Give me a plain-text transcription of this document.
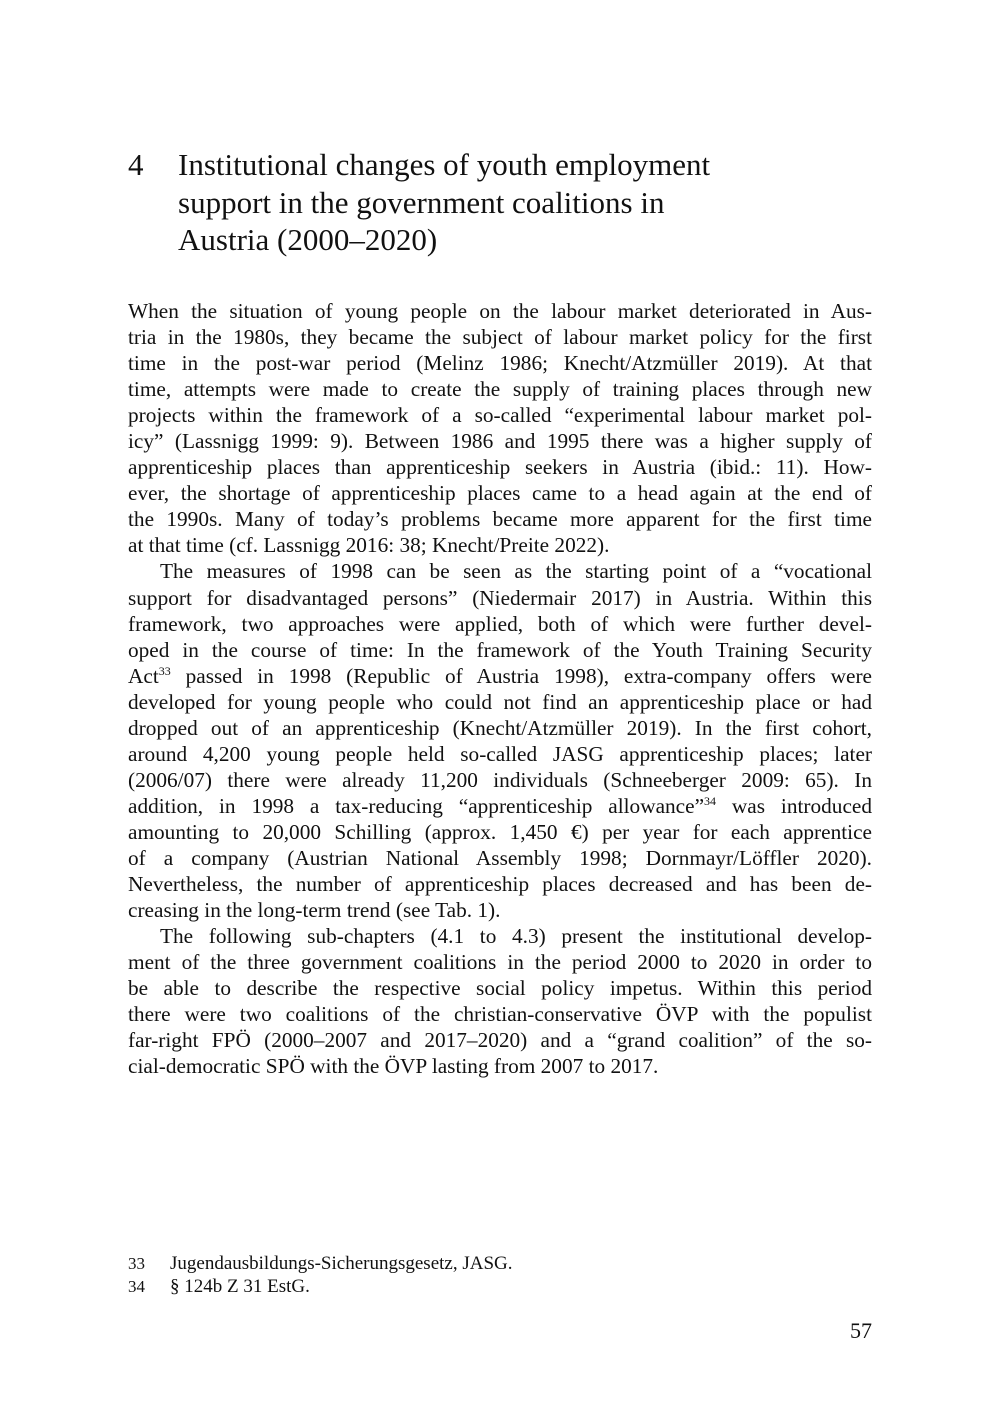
4	Institutional changes of youth employment
support in the government coalitions in
Austria (2000–2020)
When the situation of young people on the labour market deteriorated in Aus-
tria in the 1980s, they became the subject of labour market policy for the first
time in the post-war period (Melinz 1986; Knecht/Atzmüller 2019). At that
time, attempts were made to create the supply of training places through new
projects within the framework of a so-called “experimental labour market pol-
icy” (Lassnigg 1999: 9). Between 1986 and 1995 there was a higher supply of
apprenticeship places than apprenticeship seekers in Austria (ibid.: 11). How-
ever, the shortage of apprenticeship places came to a head again at the end of
the 1990s. Many of today’s problems became more apparent for the first time
at that time (cf. Lassnigg 2016: 38; Knecht/Preite 2022).
The measures of 1998 can be seen as the starting point of a “vocational
support for disadvantaged persons” (Niedermair 2017) in Austria. Within this
framework, two approaches were applied, both of which were further devel-
oped in the course of time: In the framework of the Youth Training Security
Act$^{33}$ passed in 1998 (Republic of Austria 1998), extra-company offers were
developed for young people who could not find an apprenticeship place or had
dropped out of an apprenticeship (Knecht/Atzmüller 2019). In the first cohort,
around 4,200 young people held so-called JASG apprenticeship places; later
(2006/07) there were already 11,200 individuals (Schneeberger 2009: 65). In
addition, in 1998 a tax-reducing “apprenticeship allowance”$^{34}$ was introduced
amounting to 20,000 Schilling (approx. 1,450 €) per year for each apprentice
of a company (Austrian National Assembly 1998; Dornmayr/Löffler 2020).
Nevertheless, the number of apprenticeship places decreased and has been de-
creasing in the long-term trend (see Tab. 1).
The following sub-chapters (4.1 to 4.3) present the institutional develop-
ment of the three government coalitions in the period 2000 to 2020 in order to
be able to describe the respective social policy impetus. Within this period
there were two coalitions of the christian-conservative ÖVP with the populist
far-right FPÖ (2000–2007 and 2017–2020) and a “grand coalition” of the so-
cial-democratic SPÖ with the ÖVP lasting from 2007 to 2017.
33 Jugendausbildungs-Sicherungsgesetz, JASG.
34 § 124b Z 31 EstG.
57
